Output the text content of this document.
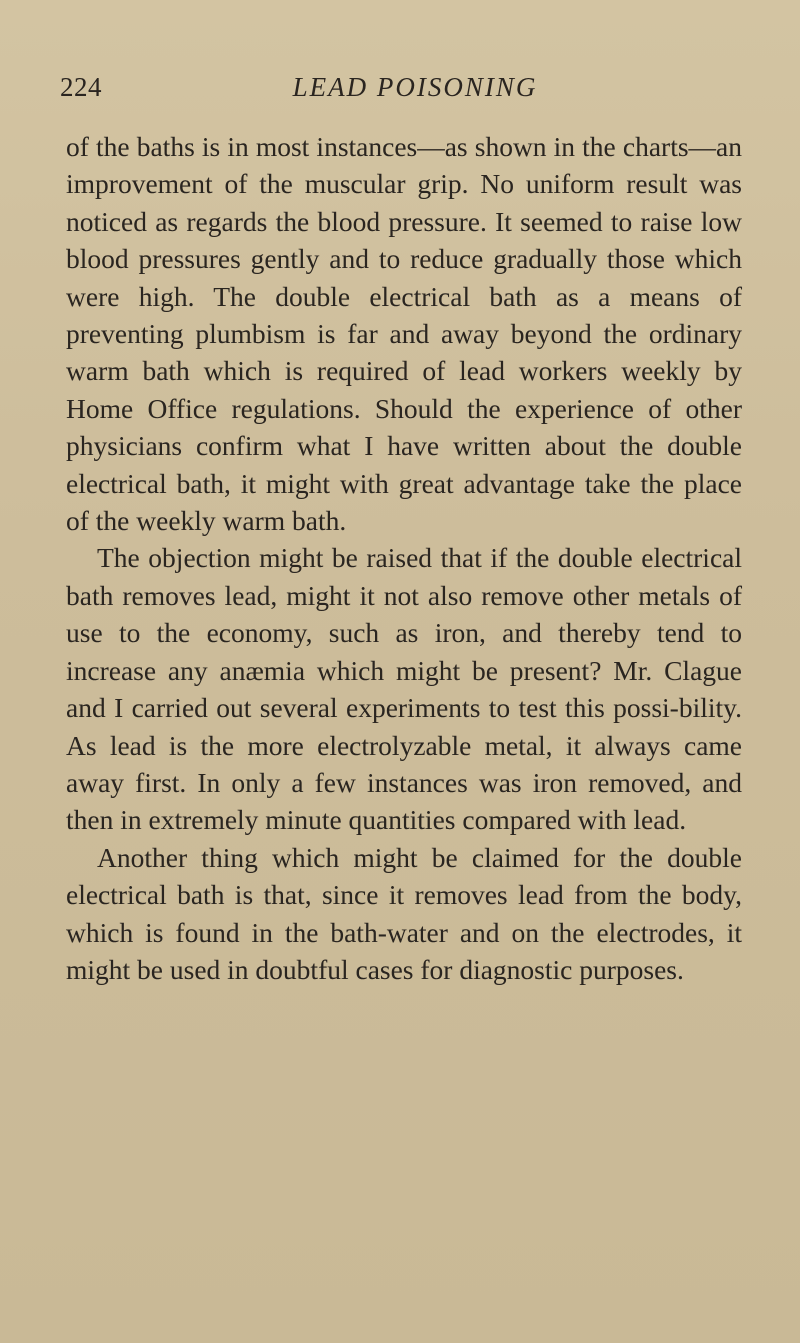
224	LEAD POISONING

of the baths is in most instances—as shown in the charts—an improvement of the muscular grip. No uniform result was noticed as regards the blood pressure. It seemed to raise low blood pressures gently and to reduce gradually those which were high. The double electrical bath as a means of preventing plumbism is far and away beyond the ordinary warm bath which is required of lead workers weekly by Home Office regulations. Should the experience of other physicians confirm what I have written about the double electrical bath, it might with great advantage take the place of the weekly warm bath.

The objection might be raised that if the double electrical bath removes lead, might it not also remove other metals of use to the economy, such as iron, and thereby tend to increase any anæmia which might be present? Mr. Clague and I carried out several experiments to test this possi-bility. As lead is the more electrolyzable metal, it always came away first. In only a few instances was iron removed, and then in extremely minute quantities compared with lead.

Another thing which might be claimed for the double electrical bath is that, since it removes lead from the body, which is found in the bath-water and on the electrodes, it might be used in doubtful cases for diagnostic purposes.
